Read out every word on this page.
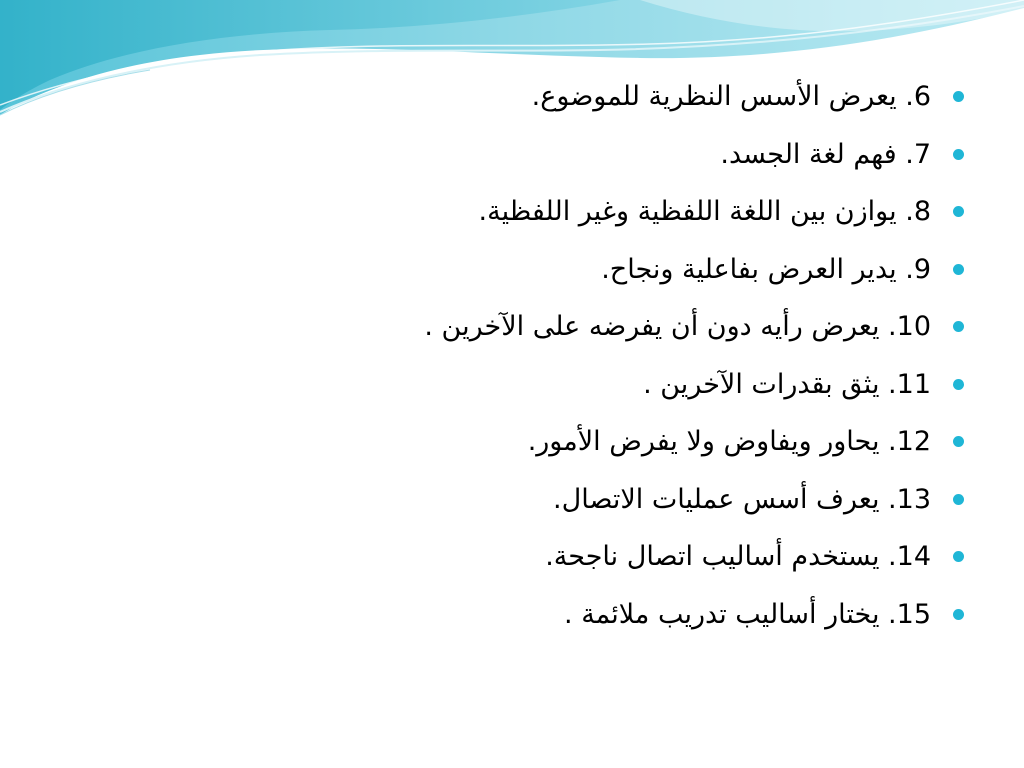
6. يعرض الأسس النظرية للموضوع.
7. فهم لغة الجسد.
8. يوازن بين اللغة اللفظية وغير اللفظية.
9. يدير العرض بفاعلية ونجاح.
10. يعرض رأيه دون أن يفرضه على الآخرين .
11. يثق بقدرات الآخرين .
12. يحاور ويفاوض ولا يفرض الأمور.
13. يعرف أسس عمليات الاتصال.
14. يستخدم أساليب اتصال ناجحة.
15. يختار أساليب تدريب ملائمة .
